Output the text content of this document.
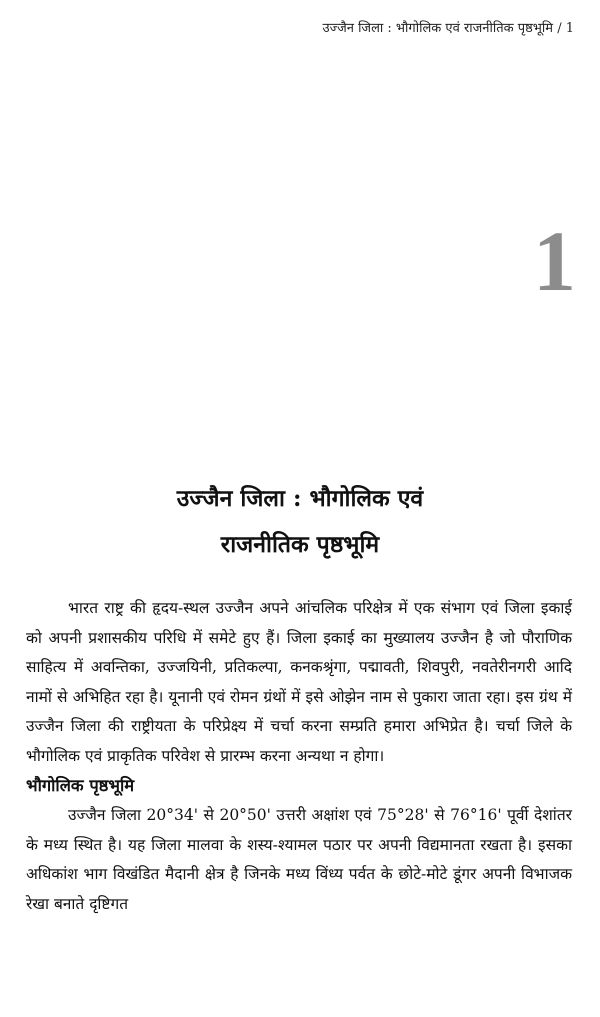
उज्जैन जिला : भौगोलिक एवं राजनीतिक पृष्ठभूमि / 1
1
उज्जैन जिला : भौगोलिक एवं
राजनीतिक पृष्ठभूमि

भारत राष्ट्र की हृदय-स्थल उज्जैन अपने आंचलिक परिक्षेत्र में एक संभाग एवं जिला इकाई को अपनी प्रशासकीय परिधि में समेटे हुए हैं। जिला इकाई का मुख्यालय उज्जैन है जो पौराणिक साहित्य में अवन्तिका, उज्जयिनी, प्रतिकल्पा, कनकश्रृंगा, पद्मावती, शिवपुरी, नवतेरीनगरी आदि नामों से अभिहित रहा है। यूनानी एवं रोमन ग्रंथों में इसे ओझेन नाम से पुकारा जाता रहा। इस ग्रंथ में उज्जैन जिला की राष्ट्रीयता के परिप्रेक्ष्य में चर्चा करना सम्प्रति हमारा अभिप्रेत है। चर्चा जिले के भौगोलिक एवं प्राकृतिक परिवेश से प्रारम्भ करना अन्यथा न होगा।

भौगोलिक पृष्ठभूमि

उज्जैन जिला 20°34' से 20°50' उत्तरी अक्षांश एवं 75°28' से 76°16' पूर्वी देशांतर के मध्य स्थित है। यह जिला मालवा के शस्य-श्यामल पठार पर अपनी विद्यमानता रखता है। इसका अधिकांश भाग विखंडित मैदानी क्षेत्र है जिनके मध्य विंध्य पर्वत के छोटे-मोटे डूंगर अपनी विभाजक रेखा बनाते दृष्टिगत
